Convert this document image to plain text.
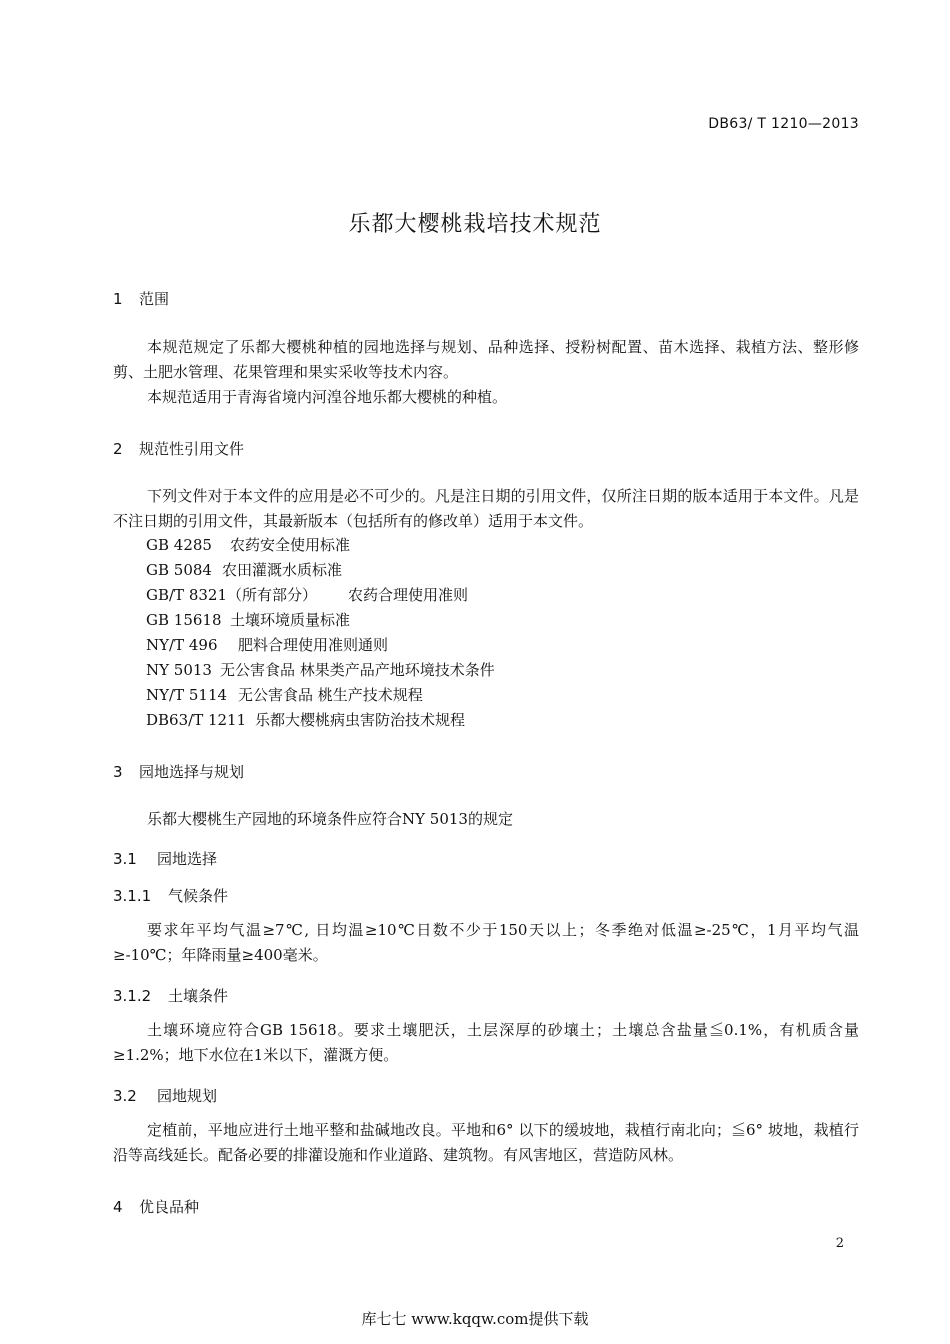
DB63/ T 1210—2013
乐都大樱桃栽培技术规范
1 范围
本规范规定了乐都大樱桃种植的园地选择与规划、品种选择、授粉树配置、苗木选择、栽植方法、整形修剪、土肥水管理、花果管理和果实采收等技术内容。
本规范适用于青海省境内河湟谷地乐都大樱桃的种植。
2 规范性引用文件
下列文件对于本文件的应用是必不可少的。凡是注日期的引用文件，仅所注日期的版本适用于本文件。凡是不注日期的引用文件，其最新版本（包括所有的修改单）适用于本文件。
GB 4285 农药安全使用标准
GB 5084 农田灌溉水质标准
GB/T 8321（所有部分） 农药合理使用准则
GB 15618 土壤环境质量标准
NY/T 496 肥料合理使用准则通则
NY 5013 无公害食品 林果类产品产地环境技术条件
NY/T 5114 无公害食品 桃生产技术规程
DB63/T 1211 乐都大樱桃病虫害防治技术规程
3 园地选择与规划
乐都大樱桃生产园地的环境条件应符合NY 5013的规定
3.1 园地选择
3.1.1 气候条件
要求年平均气温≥7℃, 日均温≥10℃日数不少于150天以上；冬季绝对低温≥-25℃，1月平均气温≥-10℃；年降雨量≥400毫米。
3.1.2 土壤条件
土壤环境应符合GB 15618。要求土壤肥沃，土层深厚的砂壤土；土壤总含盐量≦0.1%，有机质含量≥1.2%；地下水位在1米以下，灌溉方便。
3.2 园地规划
定植前，平地应进行土地平整和盐碱地改良。平地和6° 以下的缓坡地，栽植行南北向；≦6° 坡地，栽植行沿等高线延长。配备必要的排灌设施和作业道路、建筑物。有风害地区，营造防风林。
4 优良品种
2
库七七 www.kqqw.com提供下载
